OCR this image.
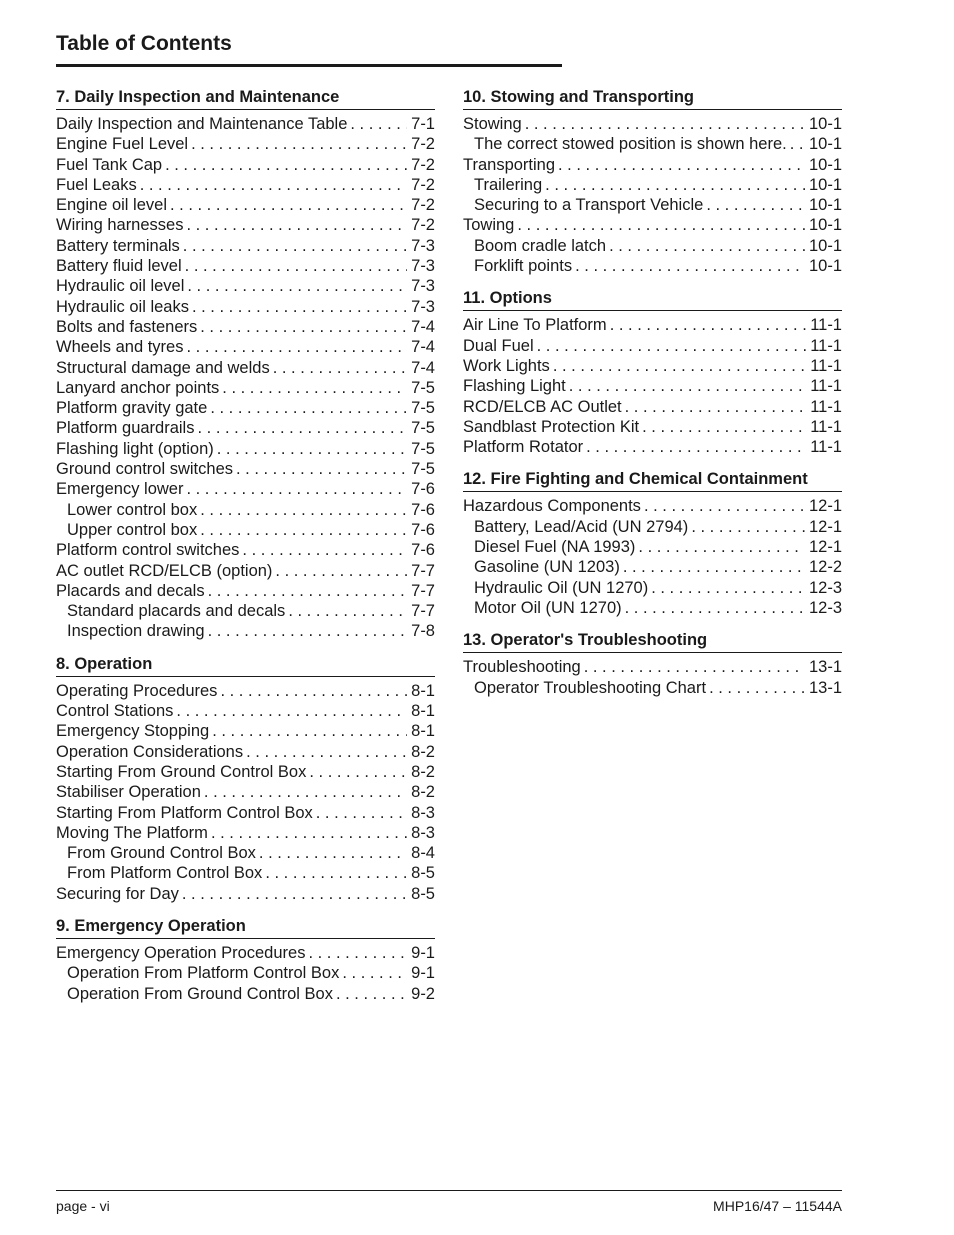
Table of Contents
7. Daily Inspection and Maintenance
Daily Inspection and Maintenance Table . . .	7-1
Engine Fuel Level . . .	7-2
Fuel Tank Cap . . .	7-2
Fuel Leaks . . .	7-2
Engine oil level . . .	7-2
Wiring harnesses . . .	7-2
Battery terminals . . .	7-3
Battery fluid level . . .	7-3
Hydraulic oil level . . .	7-3
Hydraulic oil leaks . . .	7-3
Bolts and fasteners . . .	7-4
Wheels and tyres . . .	7-4
Structural damage and welds . . .	7-4
Lanyard anchor points . . .	7-5
Platform gravity gate . . .	7-5
Platform guardrails . . .	7-5
Flashing light (option) . . .	7-5
Ground control switches . . .	7-5
Emergency lower . . .	7-6
Lower control box . . .	7-6
Upper control box . . .	7-6
Platform control switches . . .	7-6
AC outlet RCD/ELCB (option) . . .	7-7
Placards and decals . . .	7-7
Standard placards and decals . . .	7-7
Inspection drawing . . .	7-8
8. Operation
Operating Procedures . . .	8-1
Control Stations . . .	8-1
Emergency Stopping . . .	8-1
Operation Considerations . . .	8-2
Starting From Ground Control Box . . .	8-2
Stabiliser Operation . . .	8-2
Starting From Platform Control Box . . .	8-3
Moving The Platform . . .	8-3
From Ground Control Box . . .	8-4
From Platform Control Box . . .	8-5
Securing for Day . . .	8-5
9. Emergency Operation
Emergency Operation Procedures . . .	9-1
Operation From Platform Control Box . . .	9-1
Operation From Ground Control Box . . .	9-2
10. Stowing and Transporting
Stowing . . .	10-1
The correct stowed position is shown here. . . . 10-1
Transporting . . .	10-1
Trailering . . .	10-1
Securing to a Transport Vehicle . . .	10-1
Towing . . .	10-1
Boom cradle latch . . .	10-1
Forklift points . . .	10-1
11. Options
Air Line To Platform . . .	11-1
Dual Fuel . . .	11-1
Work Lights . . .	11-1
Flashing Light . . .	11-1
RCD/ELCB AC Outlet . . .	11-1
Sandblast Protection Kit . . .	11-1
Platform Rotator . . .	11-1
12. Fire Fighting and Chemical Containment
Hazardous Components . . .	12-1
Battery, Lead/Acid (UN 2794) . . .	12-1
Diesel Fuel (NA 1993) . . .	12-1
Gasoline (UN 1203) . . .	12-2
Hydraulic Oil (UN 1270) . . .	12-3
Motor Oil (UN 1270) . . .	12-3
13. Operator's Troubleshooting
Troubleshooting . . .	13-1
Operator Troubleshooting Chart . . .	13-1
page - vi	MHP16/47 – 11544A
